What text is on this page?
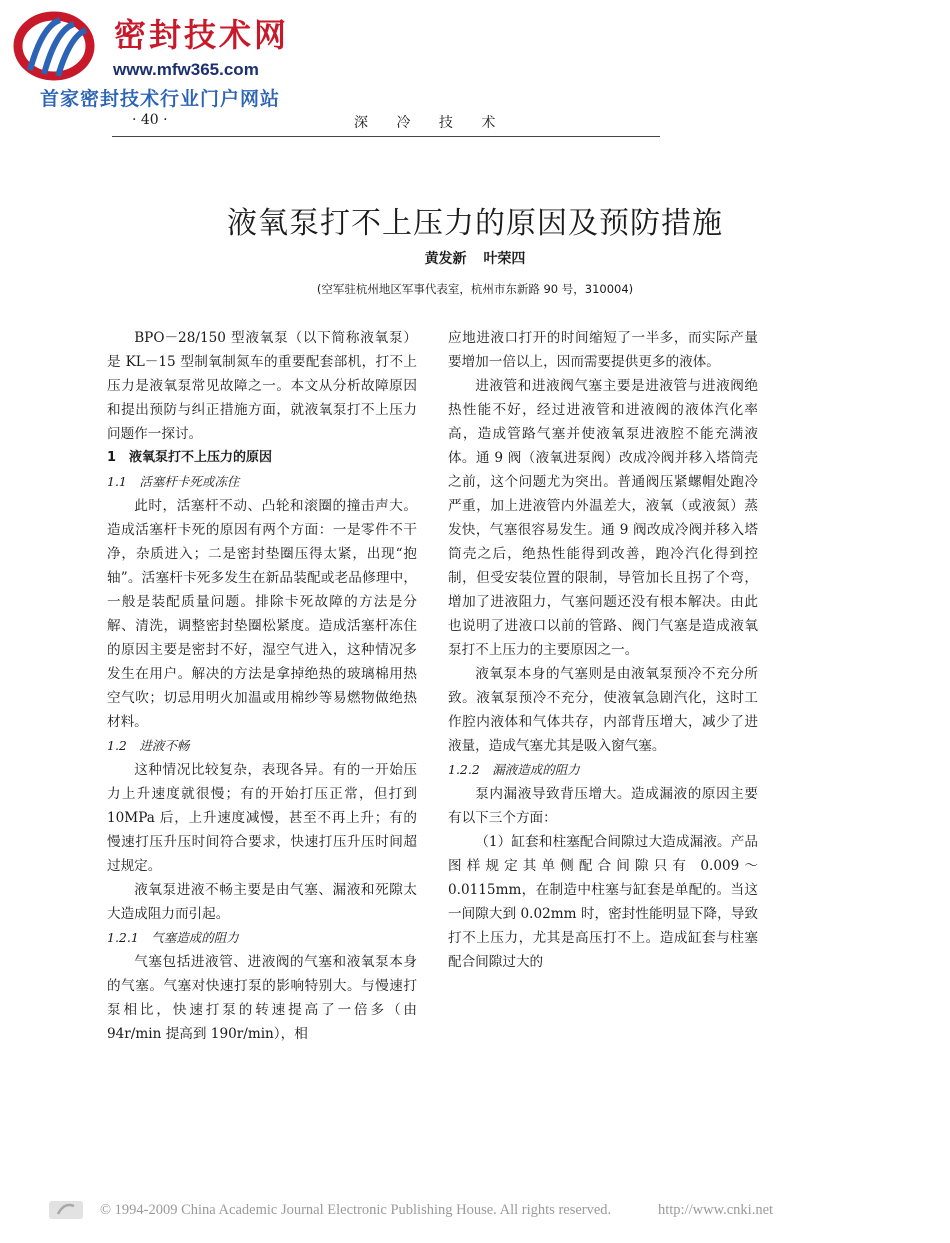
密封技术网
www.mfw365.com
首家密封技术行业门户网站
· 40 ·	深 冷 技 术
液氧泵打不上压力的原因及预防措施
黄发新 叶荣四
(空军驻杭州地区军事代表室，杭州市东新路 90 号，310004)

BPO－28/150 型液氧泵（以下简称液氧泵）是 KL－15 型制氧制氮车的重要配套部机，打不上压力是液氧泵常见故障之一。本文从分析故障原因和提出预防与纠正措施方面，就液氧泵打不上压力问题作一探讨。

1　液氧泵打不上压力的原因

1.1　活塞杆卡死或冻住

此时，活塞杆不动、凸轮和滚圈的撞击声大。造成活塞杆卡死的原因有两个方面：一是零件不干净，杂质进入；二是密封垫圈压得太紧，出现“抱轴”。活塞杆卡死多发生在新品装配或老品修理中，一般是装配质量问题。排除卡死故障的方法是分解、清洗，调整密封垫圈松紧度。造成活塞杆冻住的原因主要是密封不好，湿空气进入，这种情况多发生在用户。解决的方法是拿掉绝热的玻璃棉用热空气吹；切忌用明火加温或用棉纱等易燃物做绝热材料。

1.2　进液不畅

这种情况比较复杂，表现各异。有的一开始压力上升速度就很慢；有的开始打压正常，但打到 10MPa 后，上升速度减慢，甚至不再上升；有的慢速打压升压时间符合要求，快速打压升压时间超过规定。

液氧泵进液不畅主要是由气塞、漏液和死隙太大造成阻力而引起。

1.2.1　气塞造成的阻力

气塞包括进液管、进液阀的气塞和液氧泵本身的气塞。气塞对快速打泵的影响特别大。与慢速打泵相比，快速打泵的转速提高了一倍多（由 94r/min 提高到 190r/min），相

应地进液口打开的时间缩短了一半多，而实际产量要增加一倍以上，因而需要提供更多的液体。

进液管和进液阀气塞主要是进液管与进液阀绝热性能不好，经过进液管和进液阀的液体汽化率高，造成管路气塞并使液氧泵进液腔不能充满液体。通 9 阀（液氧进泵阀）改成冷阀并移入塔筒壳之前，这个问题尤为突出。普通阀压紧螺帽处跑冷严重，加上进液管内外温差大，液氧（或液氮）蒸发快，气塞很容易发生。通 9 阀改成冷阀并移入塔筒壳之后，绝热性能得到改善，跑冷汽化得到控制，但受安装位置的限制，导管加长且拐了个弯，增加了进液阻力，气塞问题还没有根本解决。由此也说明了进液口以前的管路、阀门气塞是造成液氧泵打不上压力的主要原因之一。

液氧泵本身的气塞则是由液氧泵预冷不充分所致。液氧泵预冷不充分，使液氧急剧汽化，这时工作腔内液体和气体共存，内部背压增大，减少了进液量，造成气塞尤其是吸入窗气塞。

1.2.2　漏液造成的阻力

泵内漏液导致背压增大。造成漏液的原因主要有以下三个方面：

（1）缸套和柱塞配合间隙过大造成漏液。产品图样规定其单侧配合间隙只有 0.009～0.0115mm，在制造中柱塞与缸套是单配的。当这一间隙大到 0.02mm 时，密封性能明显下降，导致打不上压力，尤其是高压打不上。造成缸套与柱塞配合间隙过大的

© 1994-2009 China Academic Journal Electronic Publishing House. All rights reserved.	http://www.cnki.net
